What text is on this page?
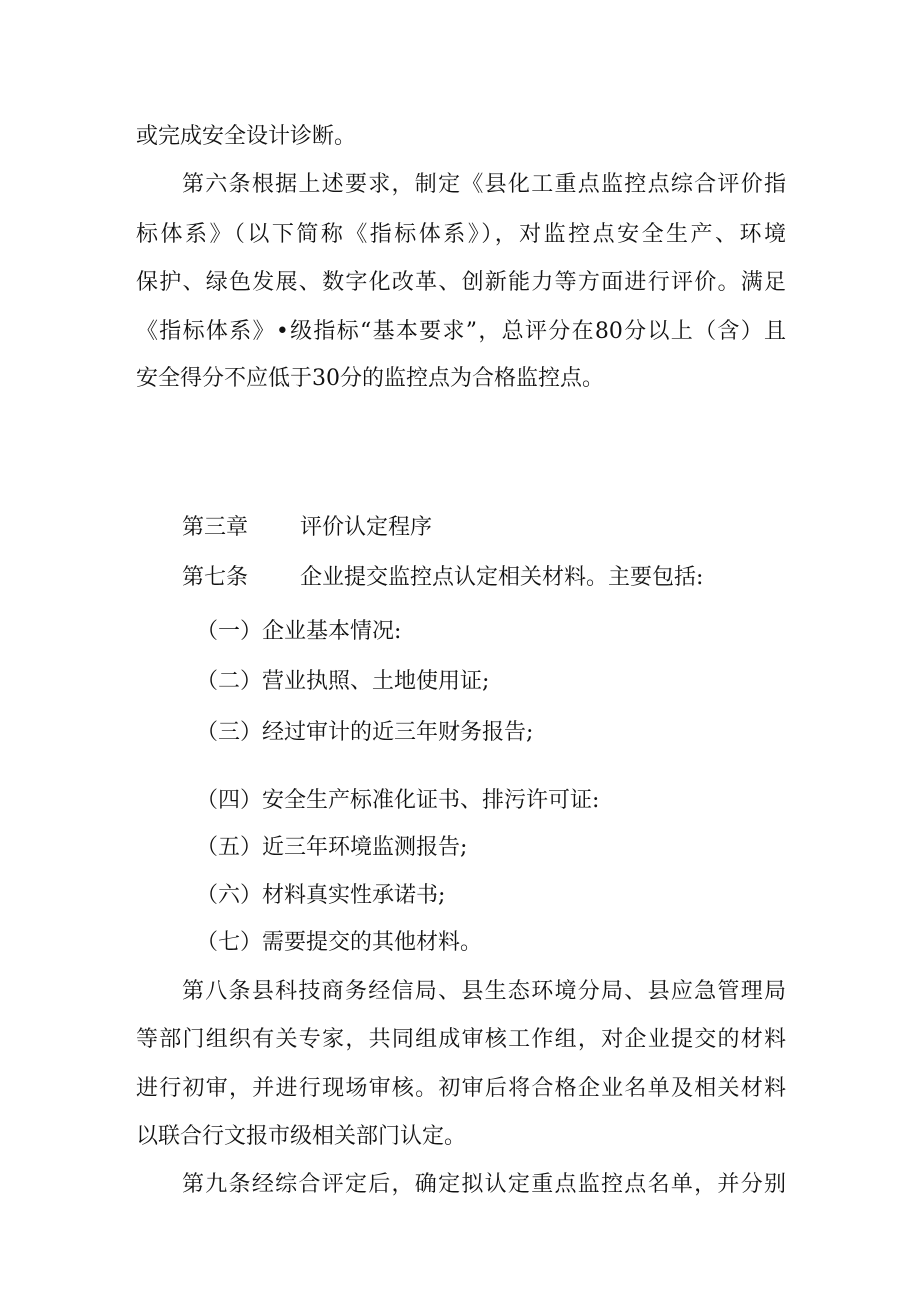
或完成安全设计诊断。
第六条根据上述要求，制定《县化工重点监控点综合评价指
标体系》（以下简称《指标体系》），对监控点安全生产、环境
保护、绿色发展、数字化改革、创新能力等方面进行评价。满足
《指标体系》•级指标“基本要求”，总评分在80分以上（含）且
安全得分不应低于30分的监控点为合格监控点。
第三章 评价认定程序
第七条 企业提交监控点认定相关材料。主要包括:
（一）企业基本情况:
（二）营业执照、土地使用证;
（三）经过审计的近三年财务报告;
（四）安全生产标准化证书、排污许可证:
（五）近三年环境监测报告;
（六）材料真实性承诺书;
（七）需要提交的其他材料。
第八条县科技商务经信局、县生态环境分局、县应急管理局
等部门组织有关专家，共同组成审核工作组，对企业提交的材料
进行初审，并进行现场审核。初审后将合格企业名单及相关材料
以联合行文报市级相关部门认定。
第九条经综合评定后，确定拟认定重点监控点名单，并分别
